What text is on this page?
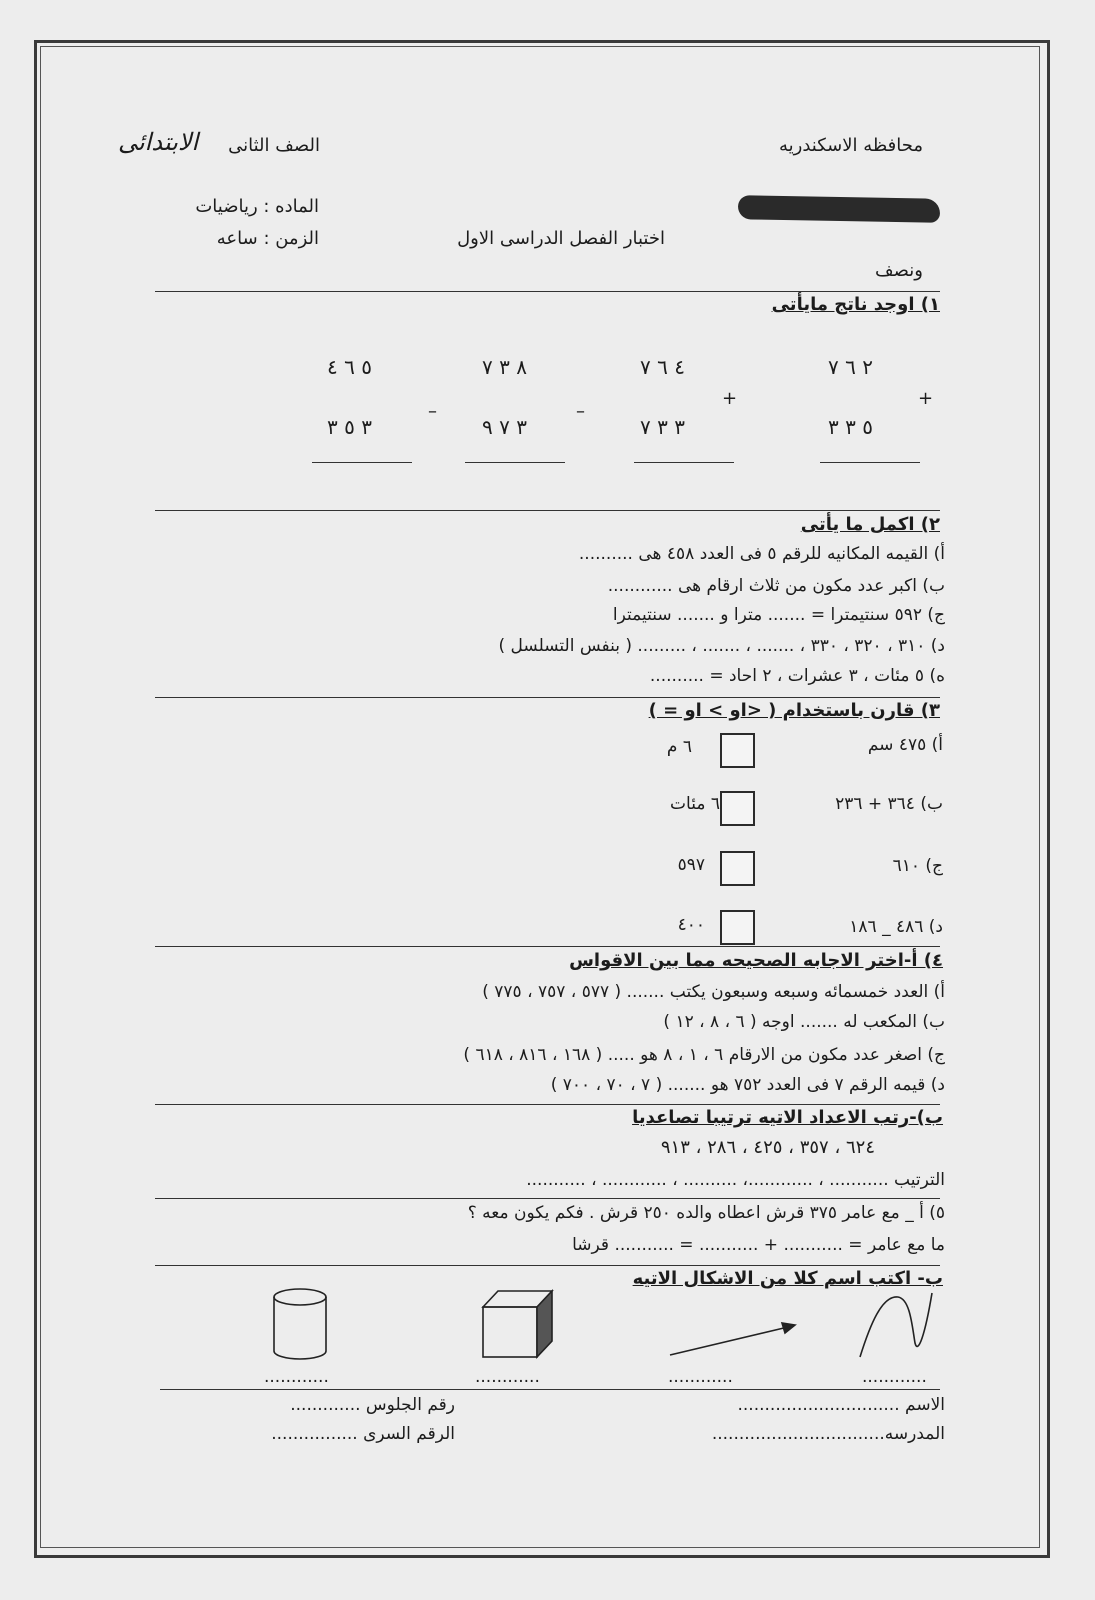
محافظه الاسكندريه
الصف الثانى
الابتدائى
الماده : رياضيات
اختبار الفصل الدراسى الاول
الزمن : ساعه
ونصف
١) اوجد ناتج مايأتى
٢ ٦ ٧
+
٥ ٣ ٣
٤ ٦ ٧
+
٣ ٣ ٧
٨ ٣ ٧
–
٣ ٧ ٩
٥ ٦ ٤
–
٣ ٥ ٣
٢) اكمل ما يأتى
أ) القيمه المكانيه للرقم ٥ فى العدد ٤٥٨ هى ..........
ب) اكبر عدد مكون من ثلاث ارقام هى ............
ج) ٥٩٢ سنتيمترا = ....... مترا و ....... سنتيمترا
د) ٣١٠ ، ٣٢٠ ، ٣٣٠ ، ....... ، ....... ، ......... ( بنفس التسلسل )
ه) ٥ مئات ، ٣ عشرات ، ٢ احاد = ..........
٣) قارن باستخدام ( <او > او = )
أ) ٤٧٥ سم
٦ م
ب) ٣٦٤ + ٢٣٦
٦ مئات
ج) ٦١٠
٥٩٧
د) ٤٨٦ _ ١٨٦
٤٠٠
٤) أ-اختر الاجابه الصحيحه مما بين الاقواس
أ) العدد خمسمائه وسبعه وسبعون يكتب ....... ( ٥٧٧ ، ٧٥٧ ، ٧٧٥ )
ب) المكعب له ....... اوجه ( ٦ ، ٨ ، ١٢ )
ج) اصغر عدد مكون من الارقام ٦ ، ١ ، ٨ هو ..... ( ١٦٨ ، ٨١٦ ، ٦١٨ )
د) قيمه الرقم ٧ فى العدد ٧٥٢ هو ....... ( ٧ ، ٧٠ ، ٧٠٠ )
ب)-رتب الاعداد الاتيه ترتيبا تصاعديا
٦٢٤ ، ٣٥٧ ، ٤٢٥ ، ٢٨٦ ، ٩١٣
الترتيب ........... ، ............، .......... ، ............ ، ...........
٥) أ _ مع عامر ٣٧٥ قرش اعطاه والده ٢٥٠ قرش . فكم يكون معه ؟
ما مع عامر = ........... + ........... = ........... قرشا
ب- اكتب اسم كلا من الاشكال الاتيه
............	............	............	............
الاسم ..............................
المدرسه................................
رقم الجلوس .............
الرقم السرى ................
